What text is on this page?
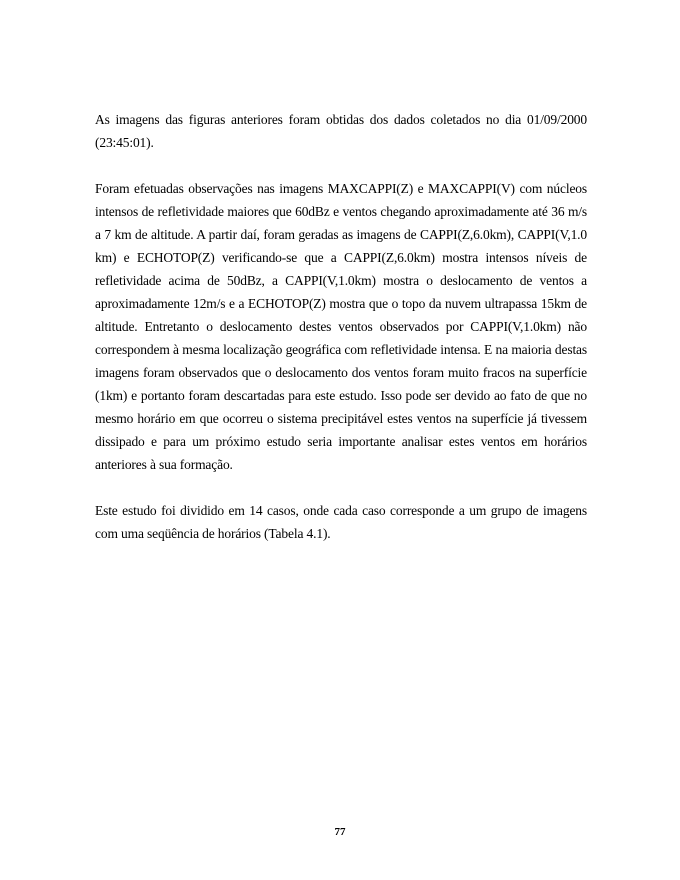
As imagens das figuras anteriores foram obtidas dos dados coletados no dia 01/09/2000 (23:45:01).

Foram efetuadas observações nas imagens MAXCAPPI(Z) e MAXCAPPI(V) com núcleos intensos de refletividade maiores que 60dBz e ventos chegando aproximadamente até 36 m/s a 7 km de altitude. A partir daí, foram geradas as imagens de CAPPI(Z,6.0km), CAPPI(V,1.0 km) e ECHOTOP(Z) verificando-se que a CAPPI(Z,6.0km) mostra intensos níveis de refletividade acima de 50dBz, a CAPPI(V,1.0km) mostra o deslocamento de ventos a aproximadamente 12m/s e a ECHOTOP(Z) mostra que o topo da nuvem ultrapassa 15km de altitude. Entretanto o deslocamento destes ventos observados por CAPPI(V,1.0km) não correspondem à mesma localização geográfica com refletividade intensa. E na maioria destas imagens foram observados que o deslocamento dos ventos foram muito fracos na superfície (1km) e portanto foram descartadas para este estudo. Isso pode ser devido ao fato de que no mesmo horário em que ocorreu o sistema precipitável estes ventos na superfície já tivessem dissipado e para um próximo estudo seria importante analisar estes ventos em horários anteriores à sua formação.

Este estudo foi dividido em 14 casos, onde cada caso corresponde a um grupo de imagens com uma seqüência de horários (Tabela 4.1).

77
